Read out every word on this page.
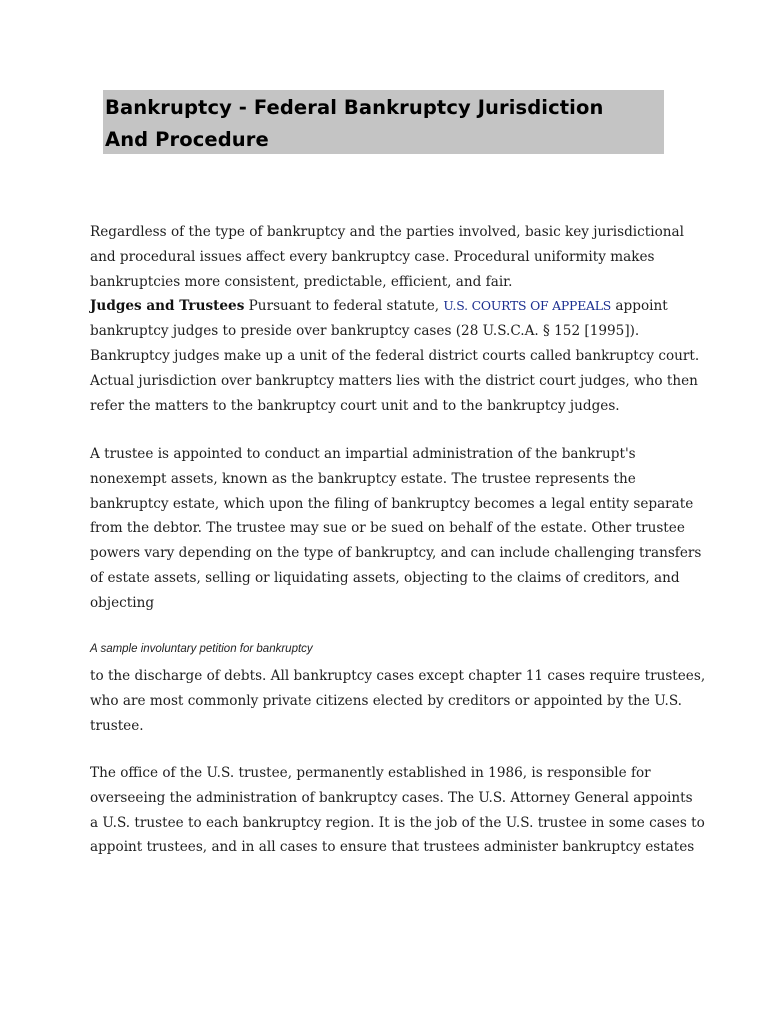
Bankruptcy - Federal Bankruptcy Jurisdiction
And Procedure

Regardless of the type of bankruptcy and the parties involved, basic key jurisdictional
and procedural issues affect every bankruptcy case. Procedural uniformity makes
bankruptcies more consistent, predictable, efficient, and fair.
Judges and Trustees Pursuant to federal statute, U.S. COURTS OF APPEALS appoint
bankruptcy judges to preside over bankruptcy cases (28 U.S.C.A. § 152 [1995]).
Bankruptcy judges make up a unit of the federal district courts called bankruptcy court.
Actual jurisdiction over bankruptcy matters lies with the district court judges, who then
refer the matters to the bankruptcy court unit and to the bankruptcy judges.

A trustee is appointed to conduct an impartial administration of the bankrupt's
nonexempt assets, known as the bankruptcy estate. The trustee represents the
bankruptcy estate, which upon the filing of bankruptcy becomes a legal entity separate
from the debtor. The trustee may sue or be sued on behalf of the estate. Other trustee
powers vary depending on the type of bankruptcy, and can include challenging transfers
of estate assets, selling or liquidating assets, objecting to the claims of creditors, and
objecting

A sample involuntary petition for bankruptcy

to the discharge of debts. All bankruptcy cases except chapter 11 cases require trustees,
who are most commonly private citizens elected by creditors or appointed by the U.S.
trustee.

The office of the U.S. trustee, permanently established in 1986, is responsible for
overseeing the administration of bankruptcy cases. The U.S. Attorney General appoints
a U.S. trustee to each bankruptcy region. It is the job of the U.S. trustee in some cases to
appoint trustees, and in all cases to ensure that trustees administer bankruptcy estates
